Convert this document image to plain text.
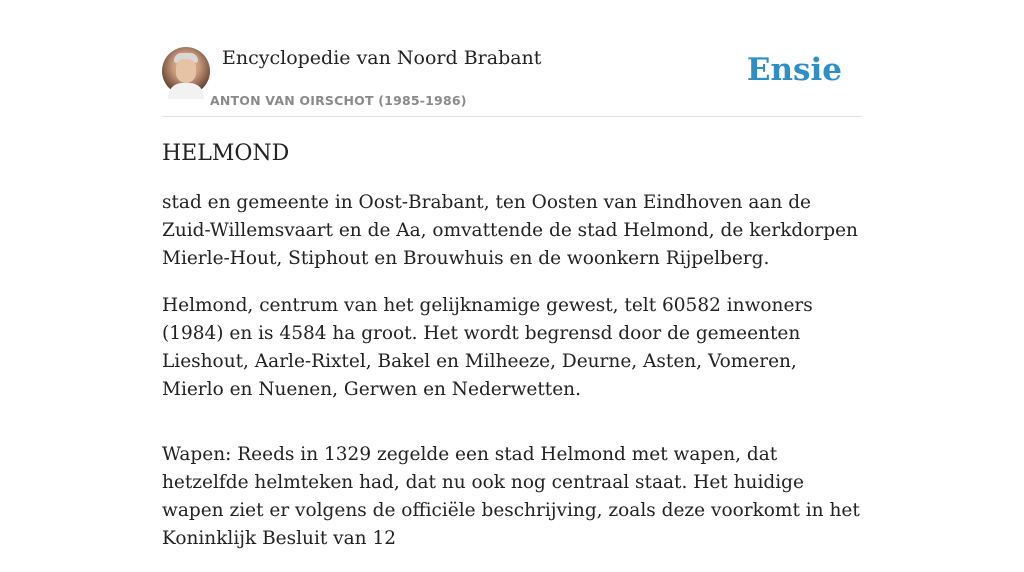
Encyclopedie van Noord Brabant
ANTON VAN OIRSCHOT (1985-1986)
Ensie
HELMOND

stad en gemeente in Oost-Brabant, ten Oosten van Eindhoven aan de Zuid-Willemsvaart en de Aa, omvattende de stad Helmond, de kerkdorpen Mierle-Hout, Stiphout en Brouwhuis en de woonkern Rijpelberg.

Helmond, centrum van het gelijknamige gewest, telt 60582 inwoners (1984) en is 4584 ha groot. Het wordt begrensd door de gemeenten Lieshout, Aarle-Rixtel, Bakel en Milheeze, Deurne, Asten, Vomeren, Mierlo en Nuenen, Gerwen en Nederwetten.

Wapen: Reeds in 1329 zegelde een stad Helmond met wapen, dat hetzelfde helmteken had, dat nu ook nog centraal staat. Het huidige wapen ziet er volgens de officiële beschrijving, zoals deze voorkomt in het Koninklijk Besluit van 12
